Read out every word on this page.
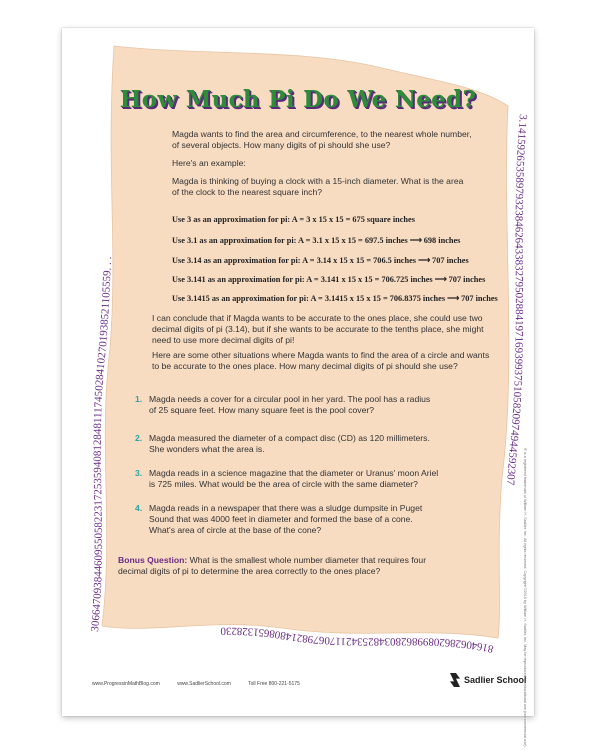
3.141592653589793238462643383279502884197169399375105820974944592307
81640628620899862803482534211706798214808651328230
306647093844609550582231725359408128481117450284102701938521105559. . .
How Much Pi Do We Need?
Magda wants to find the area and circumference, to the nearest whole number, of several objects. How many digits of pi should she use?
Here's an example:
Magda is thinking of buying a clock with a 15-inch diameter. What is the area of the clock to the nearest square inch?
Use 3 as an approximation for pi: A = 3 x 15 x 15 = 675 square inches
Use 3.1 as an approximation for pi: A = 3.1 x 15 x 15 = 697.5 inches ⟶ 698 inches
Use 3.14 as an approximation for pi: A = 3.14 x 15 x 15 = 706.5 inches ⟶ 707 inches
Use 3.141 as an approximation for pi: A = 3.141 x 15 x 15 = 706.725 inches ⟶ 707 inches
Use 3.1415 as an approximation for pi: A = 3.1415 x 15 x 15 = 706.8375 inches ⟶ 707 inches
I can conclude that if Magda wants to be accurate to the ones place, she could use two decimal digits of pi (3.14), but if she wants to be accurate to the tenths place, she might need to use more decimal digits of pi!
Here are some other situations where Magda wants to find the area of a circle and wants to be accurate to the ones place. How many decimal digits of pi should she use?
1. Magda needs a cover for a circular pool in her yard. The pool has a radius of 25 square feet. How many square feet is the pool cover?
2. Magda measured the diameter of a compact disc (CD) as 120 millimeters. She wonders what the area is.
3. Magda reads in a science magazine that the diameter or Uranus' moon Ariel is 725 miles. What would be the area of circle with the same diameter?
4. Magda reads in a newspaper that there was a sludge dumpsite in Puget Sound that was 4000 feet in diameter and formed the base of a cone. What's area of circle at the base of the cone?
Bonus Question: What is the smallest whole number diameter that requires four decimal digits of pi to determine the area correctly to the ones place?
www.ProgressinMathBlog.com	www.SadlierSchool.com	Toll Free 800-221-5175	Sadlier School
® is a registered trademark of William H. Sadlier, Inc. All rights reserved. Copyright ©2016 by William H. Sadlier, Inc. May be reproduced for educational use (not commercial use).
